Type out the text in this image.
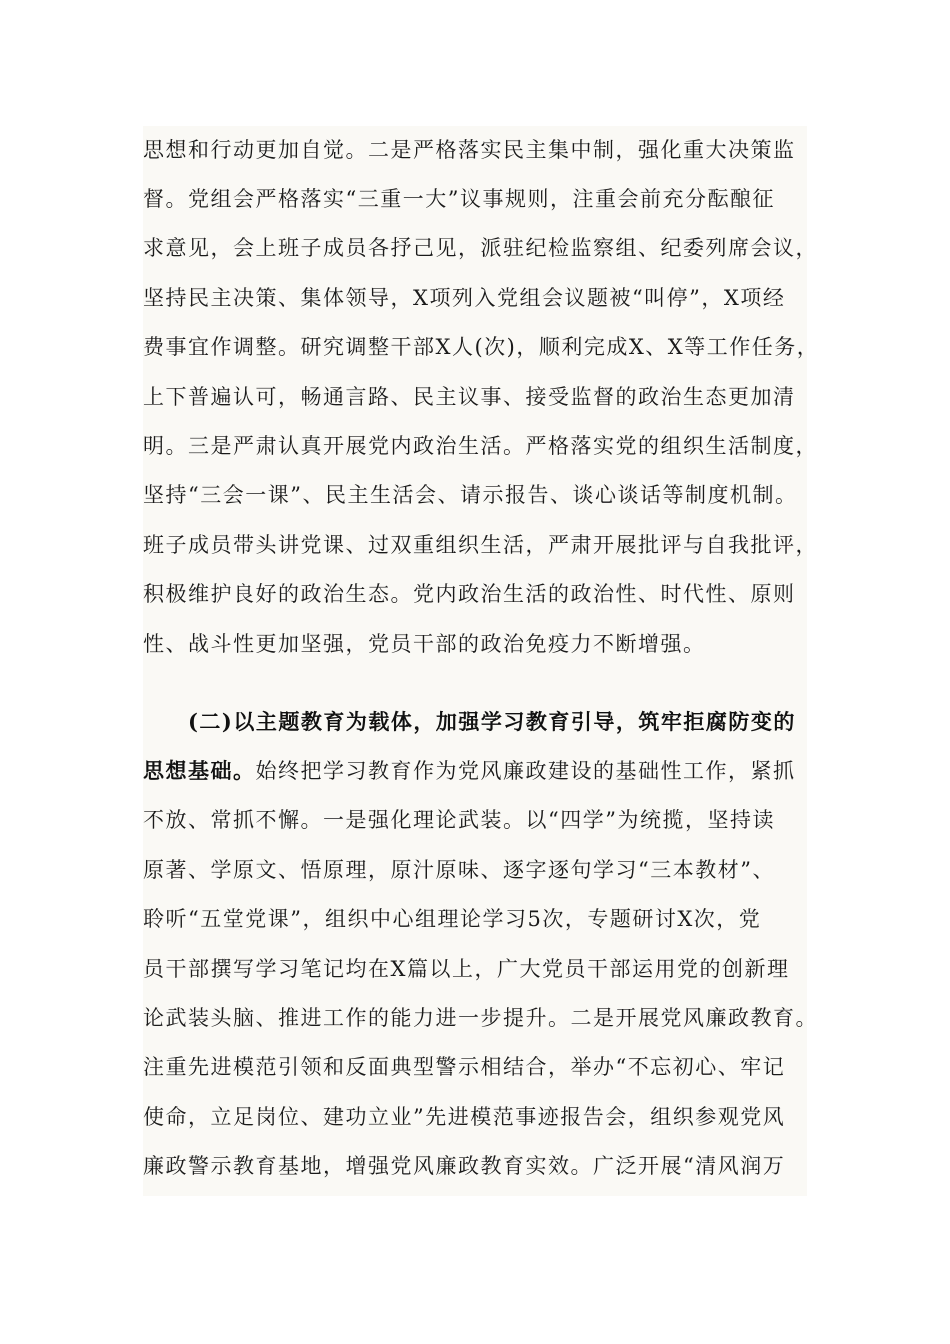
思想和行动更加自觉。二是严格落实民主集中制，强化重大决策监
督。党组会严格落实“三重一大”议事规则，注重会前充分酝酿征
求意见，会上班子成员各抒己见，派驻纪检监察组、纪委列席会议，
坚持民主决策、集体领导，X项列入党组会议题被“叫停”，X项经
费事宜作调整。研究调整干部X人(次)，顺利完成X、X等工作任务，
上下普遍认可，畅通言路、民主议事、接受监督的政治生态更加清
明。三是严肃认真开展党内政治生活。严格落实党的组织生活制度，
坚持“三会一课”、民主生活会、请示报告、谈心谈话等制度机制。
班子成员带头讲党课、过双重组织生活，严肃开展批评与自我批评，
积极维护良好的政治生态。党内政治生活的政治性、时代性、原则
性、战斗性更加坚强，党员干部的政治免疫力不断增强。
(二)以主题教育为载体，加强学习教育引导，筑牢拒腐防变的
思想基础。始终把学习教育作为党风廉政建设的基础性工作，紧抓
不放、常抓不懈。一是强化理论武装。以“四学”为统揽，坚持读
原著、学原文、悟原理，原汁原味、逐字逐句学习“三本教材”、
聆听“五堂党课”，组织中心组理论学习5次，专题研讨X次，党
员干部撰写学习笔记均在X篇以上，广大党员干部运用党的创新理
论武装头脑、推进工作的能力进一步提升。二是开展党风廉政教育。
注重先进模范引领和反面典型警示相结合，举办“不忘初心、牢记
使命，立足岗位、建功立业”先进模范事迹报告会，组织参观党风
廉政警示教育基地，增强党风廉政教育实效。广泛开展“清风润万
